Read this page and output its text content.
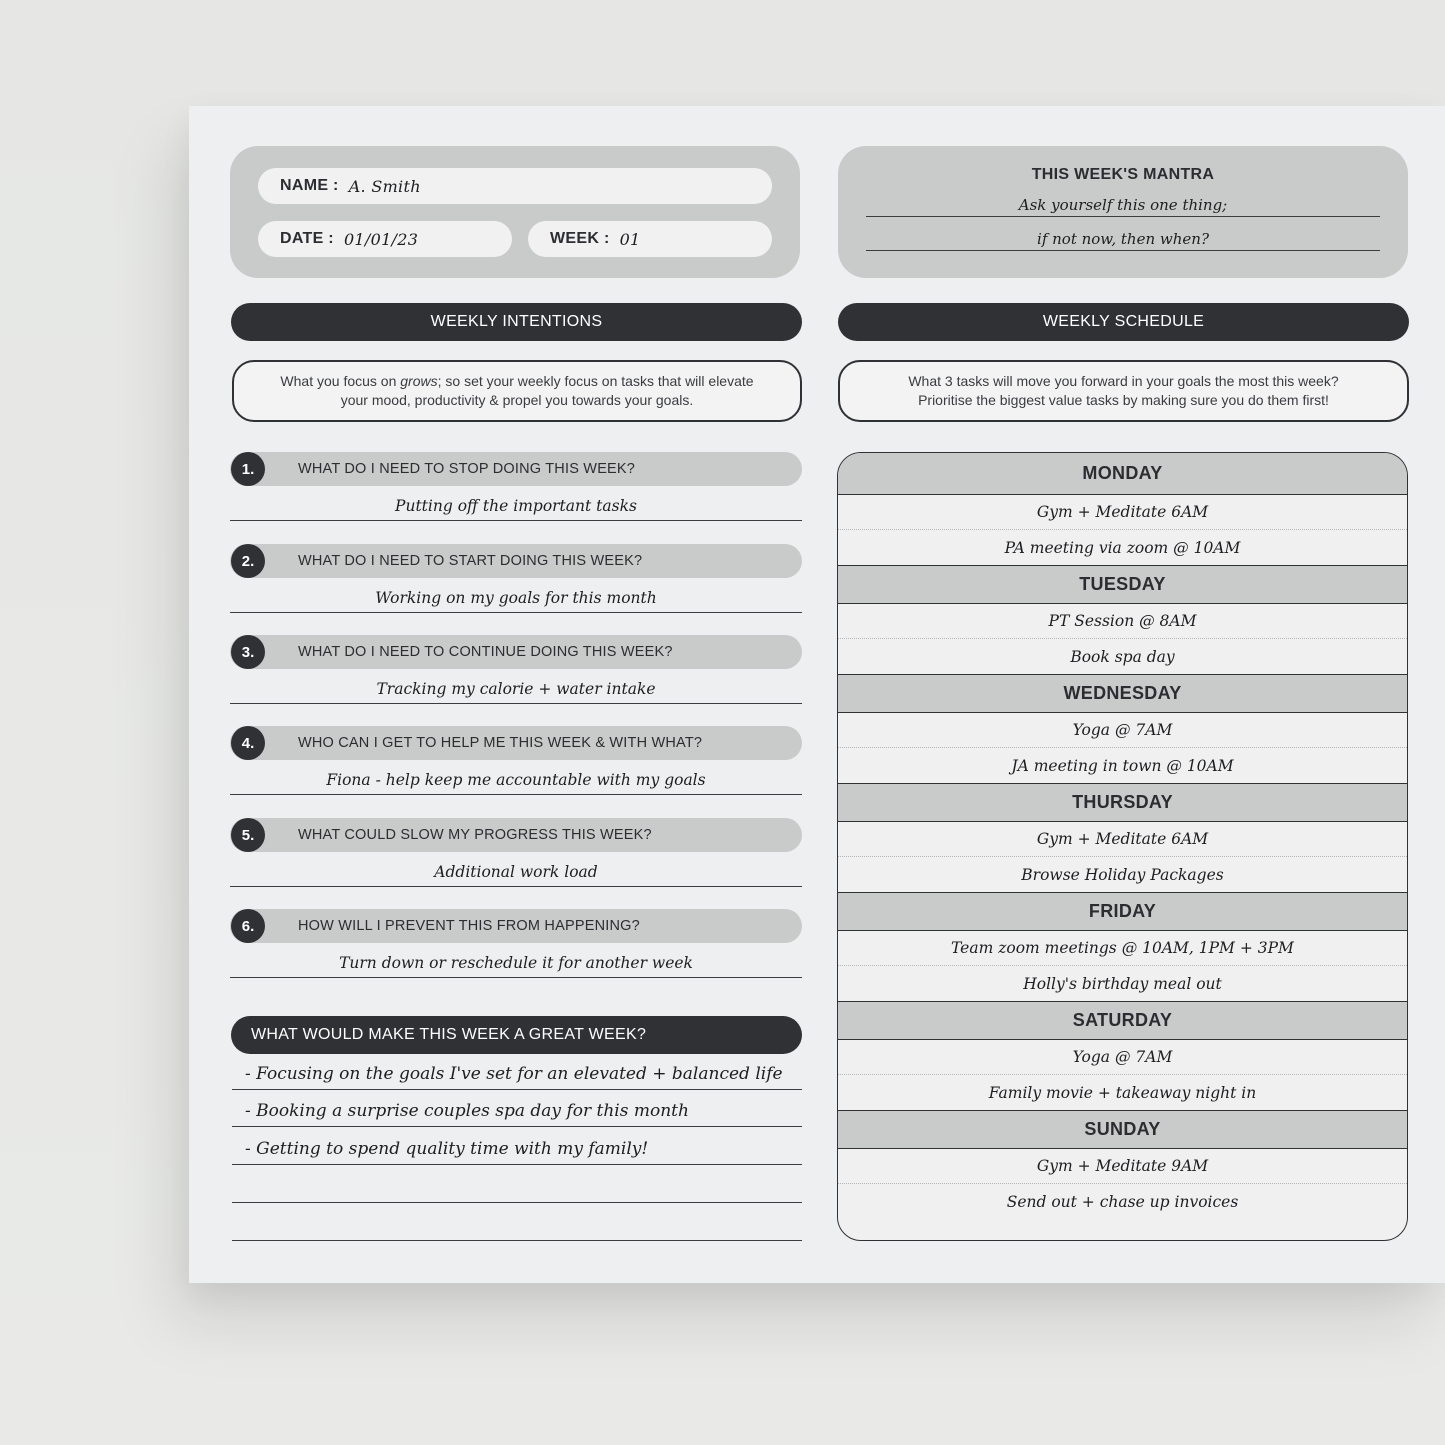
NAME : A. Smith
DATE : 01/01/23	WEEK : 01
THIS WEEK'S MANTRA
Ask yourself this one thing;
if not now, then when?
WEEKLY INTENTIONS	WEEKLY SCHEDULE
What you focus on grows; so set your weekly focus on tasks that will elevate your mood, productivity & propel you towards your goals.
What 3 tasks will move you forward in your goals the most this week? Prioritise the biggest value tasks by making sure you do them first!
WHAT DO I NEED TO STOP DOING THIS WEEK?
1.
Putting off the important tasks
WHAT DO I NEED TO START DOING THIS WEEK?
2.
Working on my goals for this month
WHAT DO I NEED TO CONTINUE DOING THIS WEEK?
3.
Tracking my calorie + water intake
WHO CAN I GET TO HELP ME THIS WEEK & WITH WHAT?
4.
Fiona - help keep me accountable with my goals
WHAT COULD SLOW MY PROGRESS THIS WEEK?
5.
Additional work load
HOW WILL I PREVENT THIS FROM HAPPENING?
6.
Turn down or reschedule it for another week
WHAT WOULD MAKE THIS WEEK A GREAT WEEK?
- Focusing on the goals I've set for an elevated + balanced life
- Booking a surprise couples spa day for this month
- Getting to spend quality time with my family!
MONDAY
Gym + Meditate 6AM
PA meeting via zoom @ 10AM
TUESDAY
PT Session @ 8AM
Book spa day
WEDNESDAY
Yoga @ 7AM
JA meeting in town @ 10AM
THURSDAY
Gym + Meditate 6AM
Browse Holiday Packages
FRIDAY
Team zoom meetings @ 10AM, 1PM + 3PM
Holly's birthday meal out
SATURDAY
Yoga @ 7AM
Family movie + takeaway night in
SUNDAY
Gym + Meditate 9AM
Send out + chase up invoices
